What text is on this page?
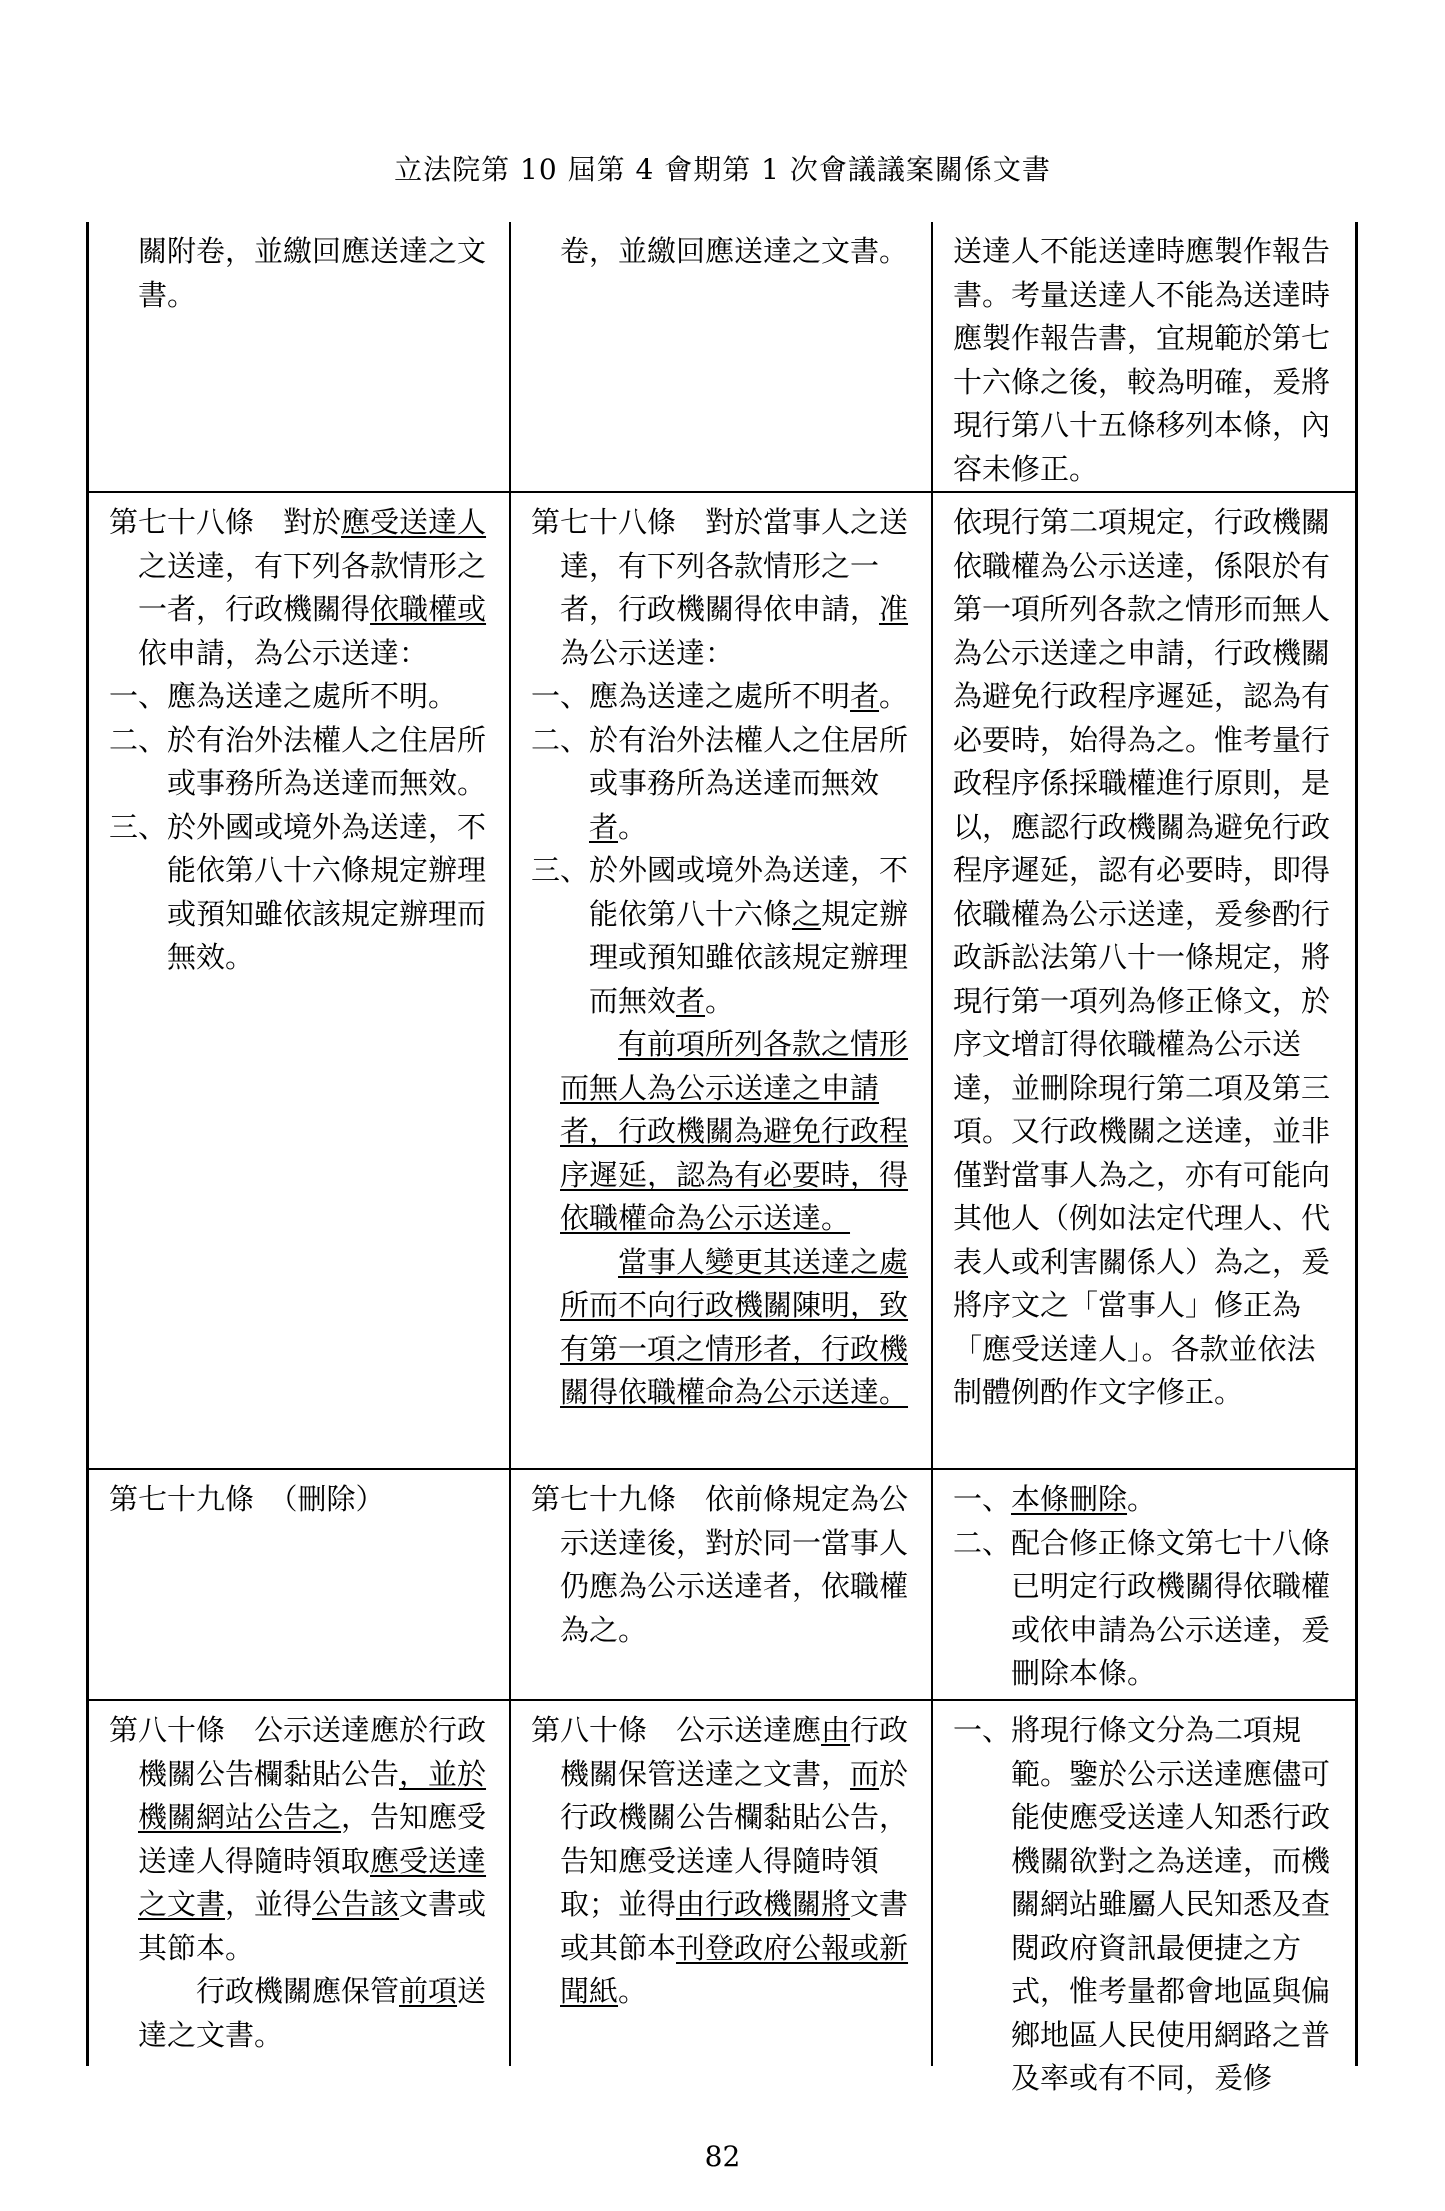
立法院第 10 屆第 4 會期第 1 次會議議案關係文書
關附卷，並繳回應送達之文書。
卷，並繳回應送達之文書。 送達人不能送達時應製作報告書。考量送達人不能為送達時應製作報告書，宜規範於第七十六條之後，較為明確，爰將現行第八十五條移列本條，內容未修正。
第七十八條　對於應受送達人之送達，有下列各款情形之一者，行政機關得依職權或依申請，為公示送達：
一、應為送達之處所不明。
二、於有治外法權人之住居所或事務所為送達而無效。
三、於外國或境外為送達，不能依第八十六條規定辦理或預知雖依該規定辦理而無效。
第七十八條　對於當事人之送達，有下列各款情形之一者，行政機關得依申請，准為公示送達：
一、應為送達之處所不明者。
二、於有治外法權人之住居所或事務所為送達而無效者。
三、於外國或境外為送達，不能依第八十六條之規定辦理或預知雖依該規定辦理而無效者。
有前項所列各款之情形而無人為公示送達之申請者，行政機關為避免行政程序遲延，認為有必要時，得依職權命為公示送達。
當事人變更其送達之處所而不向行政機關陳明，致有第一項之情形者，行政機關得依職權命為公示送達。
依現行第二項規定，行政機關依職權為公示送達，係限於有第一項所列各款之情形而無人為公示送達之申請，行政機關為避免行政程序遲延，認為有必要時，始得為之。惟考量行政程序係採職權進行原則，是以，應認行政機關為避免行政程序遲延，認有必要時，即得依職權為公示送達，爰參酌行政訴訟法第八十一條規定，將現行第一項列為修正條文，於序文增訂得依職權為公示送達，並刪除現行第二項及第三項。又行政機關之送達，並非僅對當事人為之，亦有可能向其他人（例如法定代理人、代表人或利害關係人）為之，爰將序文之「當事人」修正為「應受送達人」。各款並依法制體例酌作文字修正。
第七十九條　（刪除）	第七十九條　依前條規定為公示送達後，對於同一當事人仍應為公示送達者，依職權為之。
一、本條刪除。
二、配合修正條文第七十八條已明定行政機關得依職權或依申請為公示送達，爰刪除本條。
第八十條　公示送達應於行政機關公告欄黏貼公告，並於機關網站公告之，告知應受送達人得隨時領取應受送達之文書，並得公告該文書或其節本。
行政機關應保管前項送達之文書。
第八十條　公示送達應由行政機關保管送達之文書，而於行政機關公告欄黏貼公告，告知應受送達人得隨時領取；並得由行政機關將文書或其節本刊登政府公報或新聞紙。
一、將現行條文分為二項規範。鑒於公示送達應儘可能使應受送達人知悉行政機關欲對之為送達，而機關網站雖屬人民知悉及查閱政府資訊最便捷之方式，惟考量都會地區與偏鄉地區人民使用網路之普及率或有不同，爰修
82
